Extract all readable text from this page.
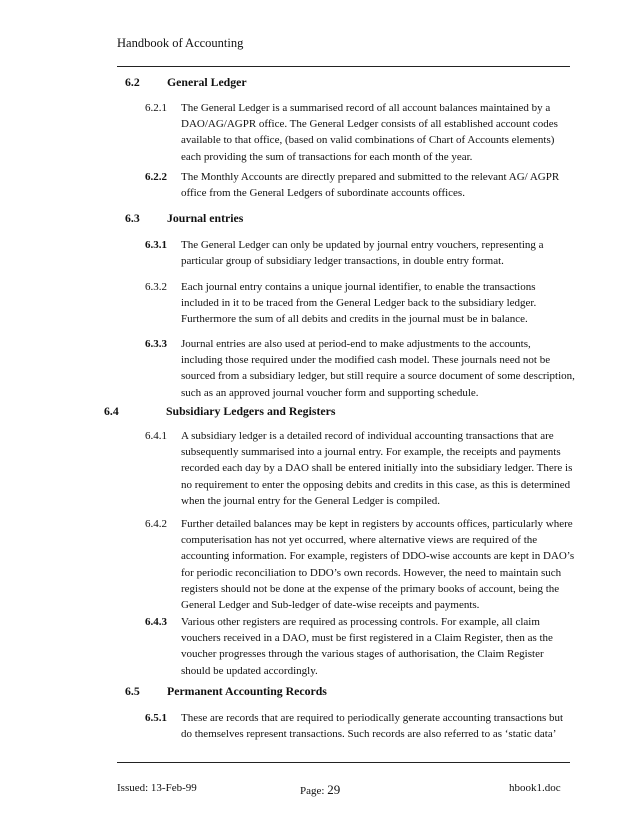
Handbook of Accounting
6.2 General Ledger
6.2.1 The General Ledger is a summarised record of all account balances maintained by a DAO/AG/AGPR office. The General Ledger consists of all established account codes available to that office, (based on valid combinations of Chart of Accounts elements) each providing the sum of transactions for each month of the year.
6.2.2 The Monthly Accounts are directly prepared and submitted to the relevant AG/ AGPR office from the General Ledgers of subordinate accounts offices.
6.3 Journal entries
6.3.1 The General Ledger can only be updated by journal entry vouchers, representing a particular group of subsidiary ledger transactions, in double entry format.
6.3.2 Each journal entry contains a unique journal identifier, to enable the transactions included in it to be traced from the General Ledger back to the subsidiary ledger. Furthermore the sum of all debits and credits in the journal must be in balance.
6.3.3 Journal entries are also used at period-end to make adjustments to the accounts, including those required under the modified cash model. These journals need not be sourced from a subsidiary ledger, but still require a source document of some description, such as an approved journal voucher form and supporting schedule.
6.4	Subsidiary Ledgers and Registers
6.4.1 A subsidiary ledger is a detailed record of individual accounting transactions that are subsequently summarised into a journal entry. For example, the receipts and payments recorded each day by a DAO shall be entered initially into the subsidiary ledger. There is no requirement to enter the opposing debits and credits in this case, as this is determined when the journal entry for the General Ledger is compiled.
6.4.2 Further detailed balances may be kept in registers by accounts offices, particularly where computerisation has not yet occurred, where alternative views are required of the accounting information. For example, registers of DDO-wise accounts are kept in DAO’s for periodic reconciliation to DDO’s own records. However, the need to maintain such registers should not be done at the expense of the primary books of account, being the General Ledger and Sub-ledger of date-wise receipts and payments.
6.4.3 Various other registers are required as processing controls. For example, all claim vouchers received in a DAO, must be first registered in a Claim Register, then as the voucher progresses through the various stages of authorisation, the Claim Register should be updated accordingly.
6.5 Permanent Accounting Records
6.5.1 These are records that are required to periodically generate accounting transactions but do themselves represent transactions. Such records are also referred to as ‘static data’
Issued: 13-Feb-99	Page: 29	hbook1.doc
